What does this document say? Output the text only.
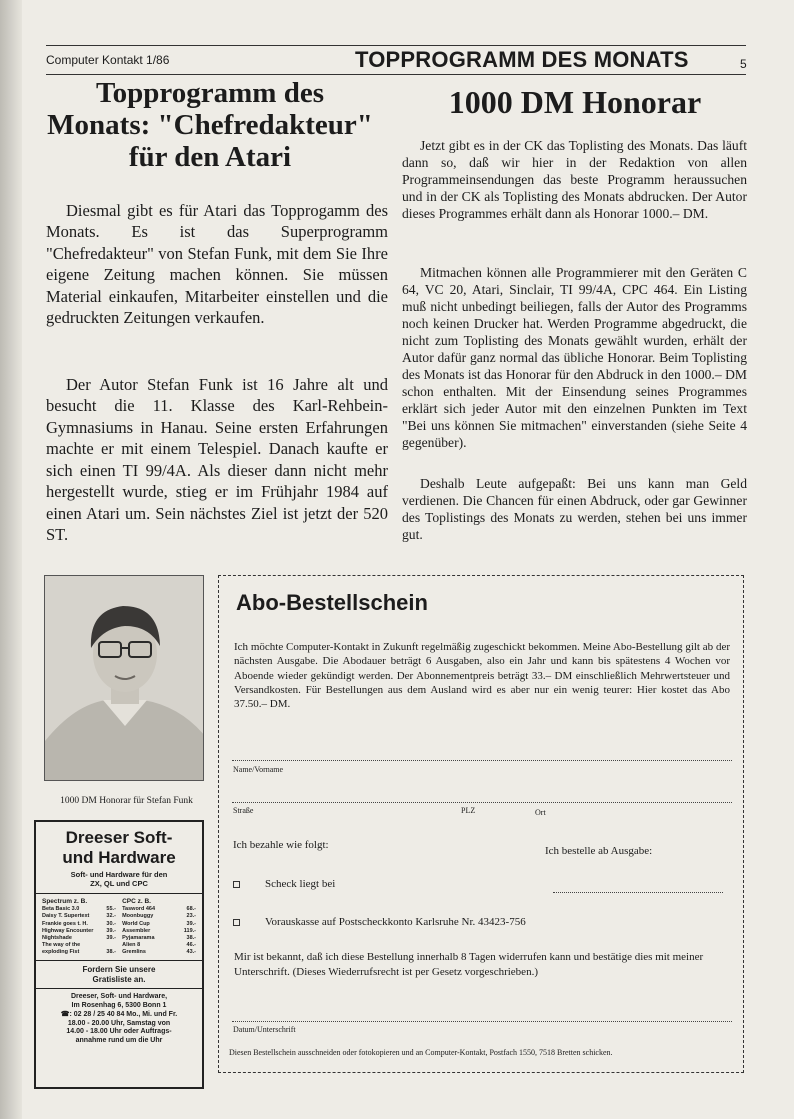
Computer Kontakt 1/86	TOPPROGRAMM DES MONATS	5
Topprogramm des
Monats: "Chefredakteur"
für den Atari
1000 DM Honorar

Diesmal gibt es für Atari das Topprogamm des Monats. Es ist das Superprogramm "Chefredakteur" von Stefan Funk, mit dem Sie Ihre eigene Zeitung machen können. Sie müssen Material einkaufen, Mitarbeiter einstellen und die gedruckten Zeitungen verkaufen.

Der Autor Stefan Funk ist 16 Jahre alt und besucht die 11. Klasse des Karl-Rehbein-Gymnasiums in Hanau. Seine ersten Erfahrungen machte er mit einem Telespiel. Danach kaufte er sich einen TI 99/4A. Als dieser dann nicht mehr hergestellt wurde, stieg er im Frühjahr 1984 auf einen Atari um. Sein nächstes Ziel ist jetzt der 520 ST.

Jetzt gibt es in der CK das Toplisting des Monats. Das läuft dann so, daß wir hier in der Redaktion von allen Programmeinsendungen das beste Programm heraussuchen und in der CK als Toplisting des Monats abdrucken. Der Autor dieses Programmes erhält dann als Honorar 1000.– DM.

Mitmachen können alle Programmierer mit den Geräten C 64, VC 20, Atari, Sinclair, TI 99/4A, CPC 464. Ein Listing muß nicht unbedingt beiliegen, falls der Autor des Programms noch keinen Drucker hat. Werden Programme abgedruckt, die nicht zum Toplisting des Monats gewählt wurden, erhält der Autor dafür ganz normal das übliche Honorar. Beim Toplisting des Monats ist das Honorar für den Abdruck in den 1000.– DM schon enthalten. Mit der Einsendung seines Programmes erklärt sich jeder Autor mit den einzelnen Punkten im Text "Bei uns können Sie mitmachen" einverstanden (siehe Seite 4 gegenüber).

Deshalb Leute aufgepaßt: Bei uns kann man Geld verdienen. Die Chancen für einen Abdruck, oder gar Gewinner des Toplistings des Monats zu werden, stehen bei uns immer gut.

1000 DM Honorar für Stefan Funk
Dreeser Soft-
und Hardware
Soft- und Hardware für den
ZX, QL und CPC
Spectrum z. B.
Beta Basic 3.0	55.-
Daisy T. Supertext	32.-
Frankie goes t. H.	30.-
Highway Encounter 39.-
Nightshade	39.-
The way of the
exploding Fist	38.-
CPC z. B.
Tasword 464	68.-
Moonbuggy	23.-
World Cup	39.-
Assembler	119.-
Pyjamarama	38.-
Alien 8	46.-
Gremlins	43.-
Fordern Sie unsere
Gratisliste an.
Dreeser, Soft- und Hardware,
Im Rosenhag 6, 5300 Bonn 1
☎: 02 28 / 25 40 84 Mo., Mi. und Fr.
18.00 - 20.00 Uhr, Samstag von
14.00 - 18.00 Uhr oder Auftrags-
annahme rund um die Uhr
Abo-Bestellschein
Ich möchte Computer-Kontakt in Zukunft regelmäßig zugeschickt bekommen. Meine Abo-Bestellung gilt ab der nächsten Ausgabe. Die Abodauer beträgt 6 Ausgaben, also ein Jahr und kann bis spätestens 4 Wochen vor Aboende wieder gekündigt werden. Der Abonnementpreis beträgt 33.– DM einschließlich Mehrwertsteuer und Versandkosten. Für Bestellungen aus dem Ausland wird es aber nur ein wenig teurer: Hier kostet das Abo 37.50.– DM.
Name/Vorname
Straße	PLZ	Ort
Ich bezahle wie folgt:	Ich bestelle ab Ausgabe:
Scheck liegt bei
Vorauskasse auf Postscheckkonto Karlsruhe Nr. 43423-756
Mir ist bekannt, daß ich diese Bestellung innerhalb 8 Tagen widerrufen kann und bestätige dies mit meiner Unterschrift. (Dieses Wiederrufsrecht ist per Gesetz vorgeschrieben.)
Datum/Unterschrift
Diesen Bestellschein ausschneiden oder fotokopieren und an Computer-Kontakt, Postfach 1550, 7518 Bretten schicken.
